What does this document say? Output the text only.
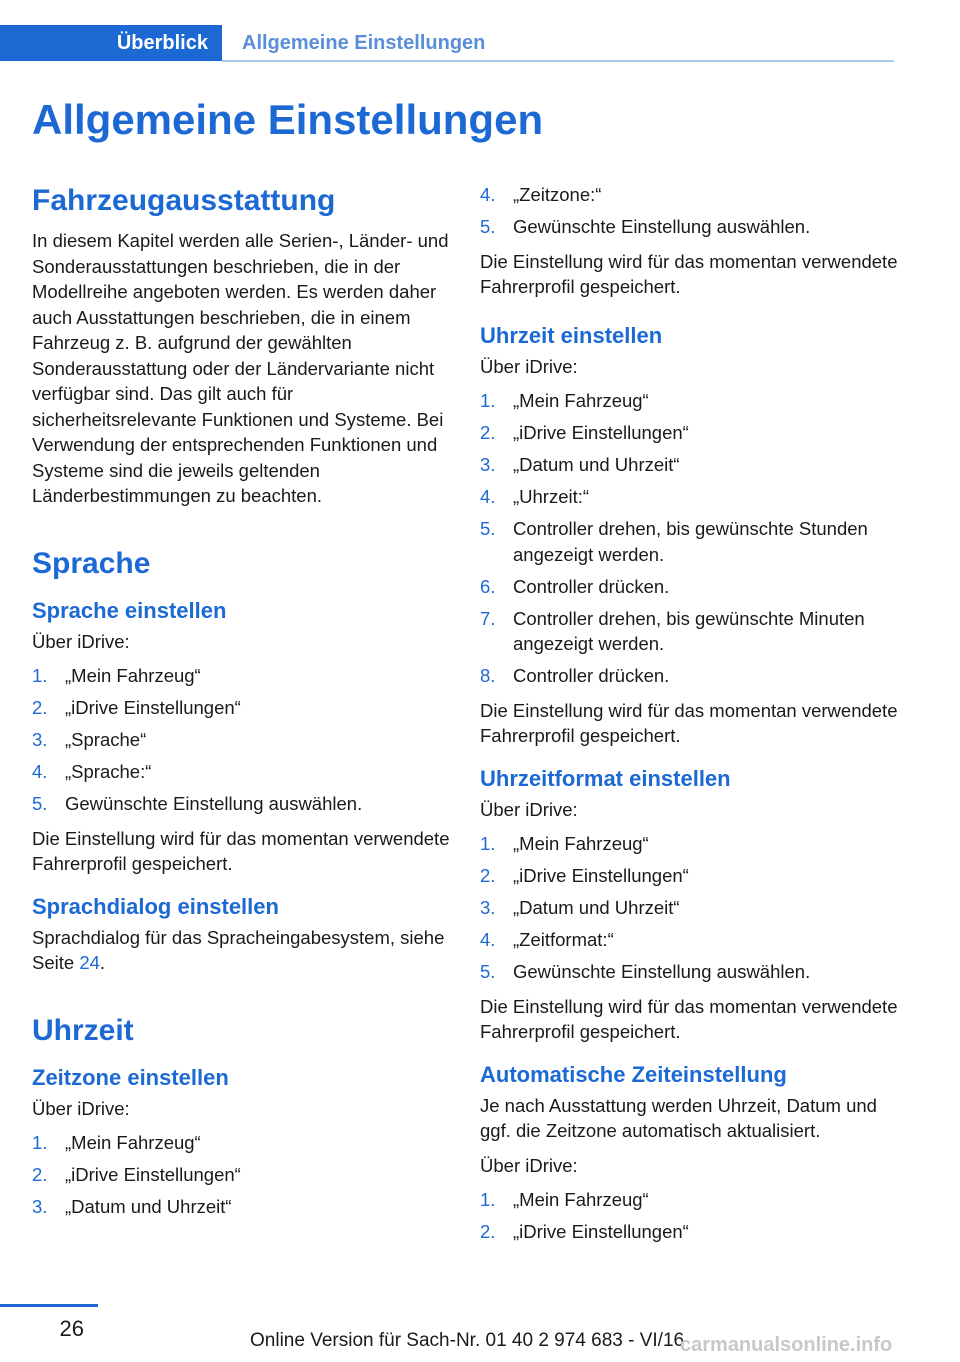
Überblick	Allgemeine Einstellungen
Allgemeine Einstellungen
Fahrzeugausstattung

In diesem Kapitel werden alle Serien-, Länder- und Sonderausstattungen beschrieben, die in der Modellreihe angeboten werden. Es werden daher auch Ausstattungen beschrieben, die in einem Fahrzeug z. B. aufgrund der gewählten Sonderausstattung oder der Ländervariante nicht verfügbar sind. Das gilt auch für sicherheitsrelevante Funktionen und Systeme. Bei Verwendung der entsprechenden Funktionen und Systeme sind die jeweils geltenden Länderbestimmungen zu beachten.

Sprache
Sprache einstellen

Über iDrive:

1. „Mein Fahrzeug“
2. „iDrive Einstellungen“
3. „Sprache“
4. „Sprache:“
5. Gewünschte Einstellung auswählen.

Die Einstellung wird für das momentan verwendete Fahrerprofil gespeichert.

Sprachdialog einstellen

Sprachdialog für das Spracheingabesystem, siehe Seite 24.

Uhrzeit
Zeitzone einstellen

Über iDrive:

1. „Mein Fahrzeug“
2. „iDrive Einstellungen“
3. „Datum und Uhrzeit“
4. „Zeitzone:“
5. Gewünschte Einstellung auswählen.

Die Einstellung wird für das momentan verwendete Fahrerprofil gespeichert.

Uhrzeit einstellen

Über iDrive:

1. „Mein Fahrzeug“
2. „iDrive Einstellungen“
3. „Datum und Uhrzeit“
4. „Uhrzeit:“
5. Controller drehen, bis gewünschte Stunden angezeigt werden.
6. Controller drücken.
7. Controller drehen, bis gewünschte Minuten angezeigt werden.
8. Controller drücken.

Die Einstellung wird für das momentan verwendete Fahrerprofil gespeichert.

Uhrzeitformat einstellen

Über iDrive:

1. „Mein Fahrzeug“
2. „iDrive Einstellungen“
3. „Datum und Uhrzeit“
4. „Zeitformat:“
5. Gewünschte Einstellung auswählen.

Die Einstellung wird für das momentan verwendete Fahrerprofil gespeichert.

Automatische Zeiteinstellung

Je nach Ausstattung werden Uhrzeit, Datum und ggf. die Zeitzone automatisch aktualisiert.

Über iDrive:

1. „Mein Fahrzeug“
2. „iDrive Einstellungen“
26	Online Version für Sach-Nr. 01 40 2 974 683 - VI/16
carmanualsonline.info
